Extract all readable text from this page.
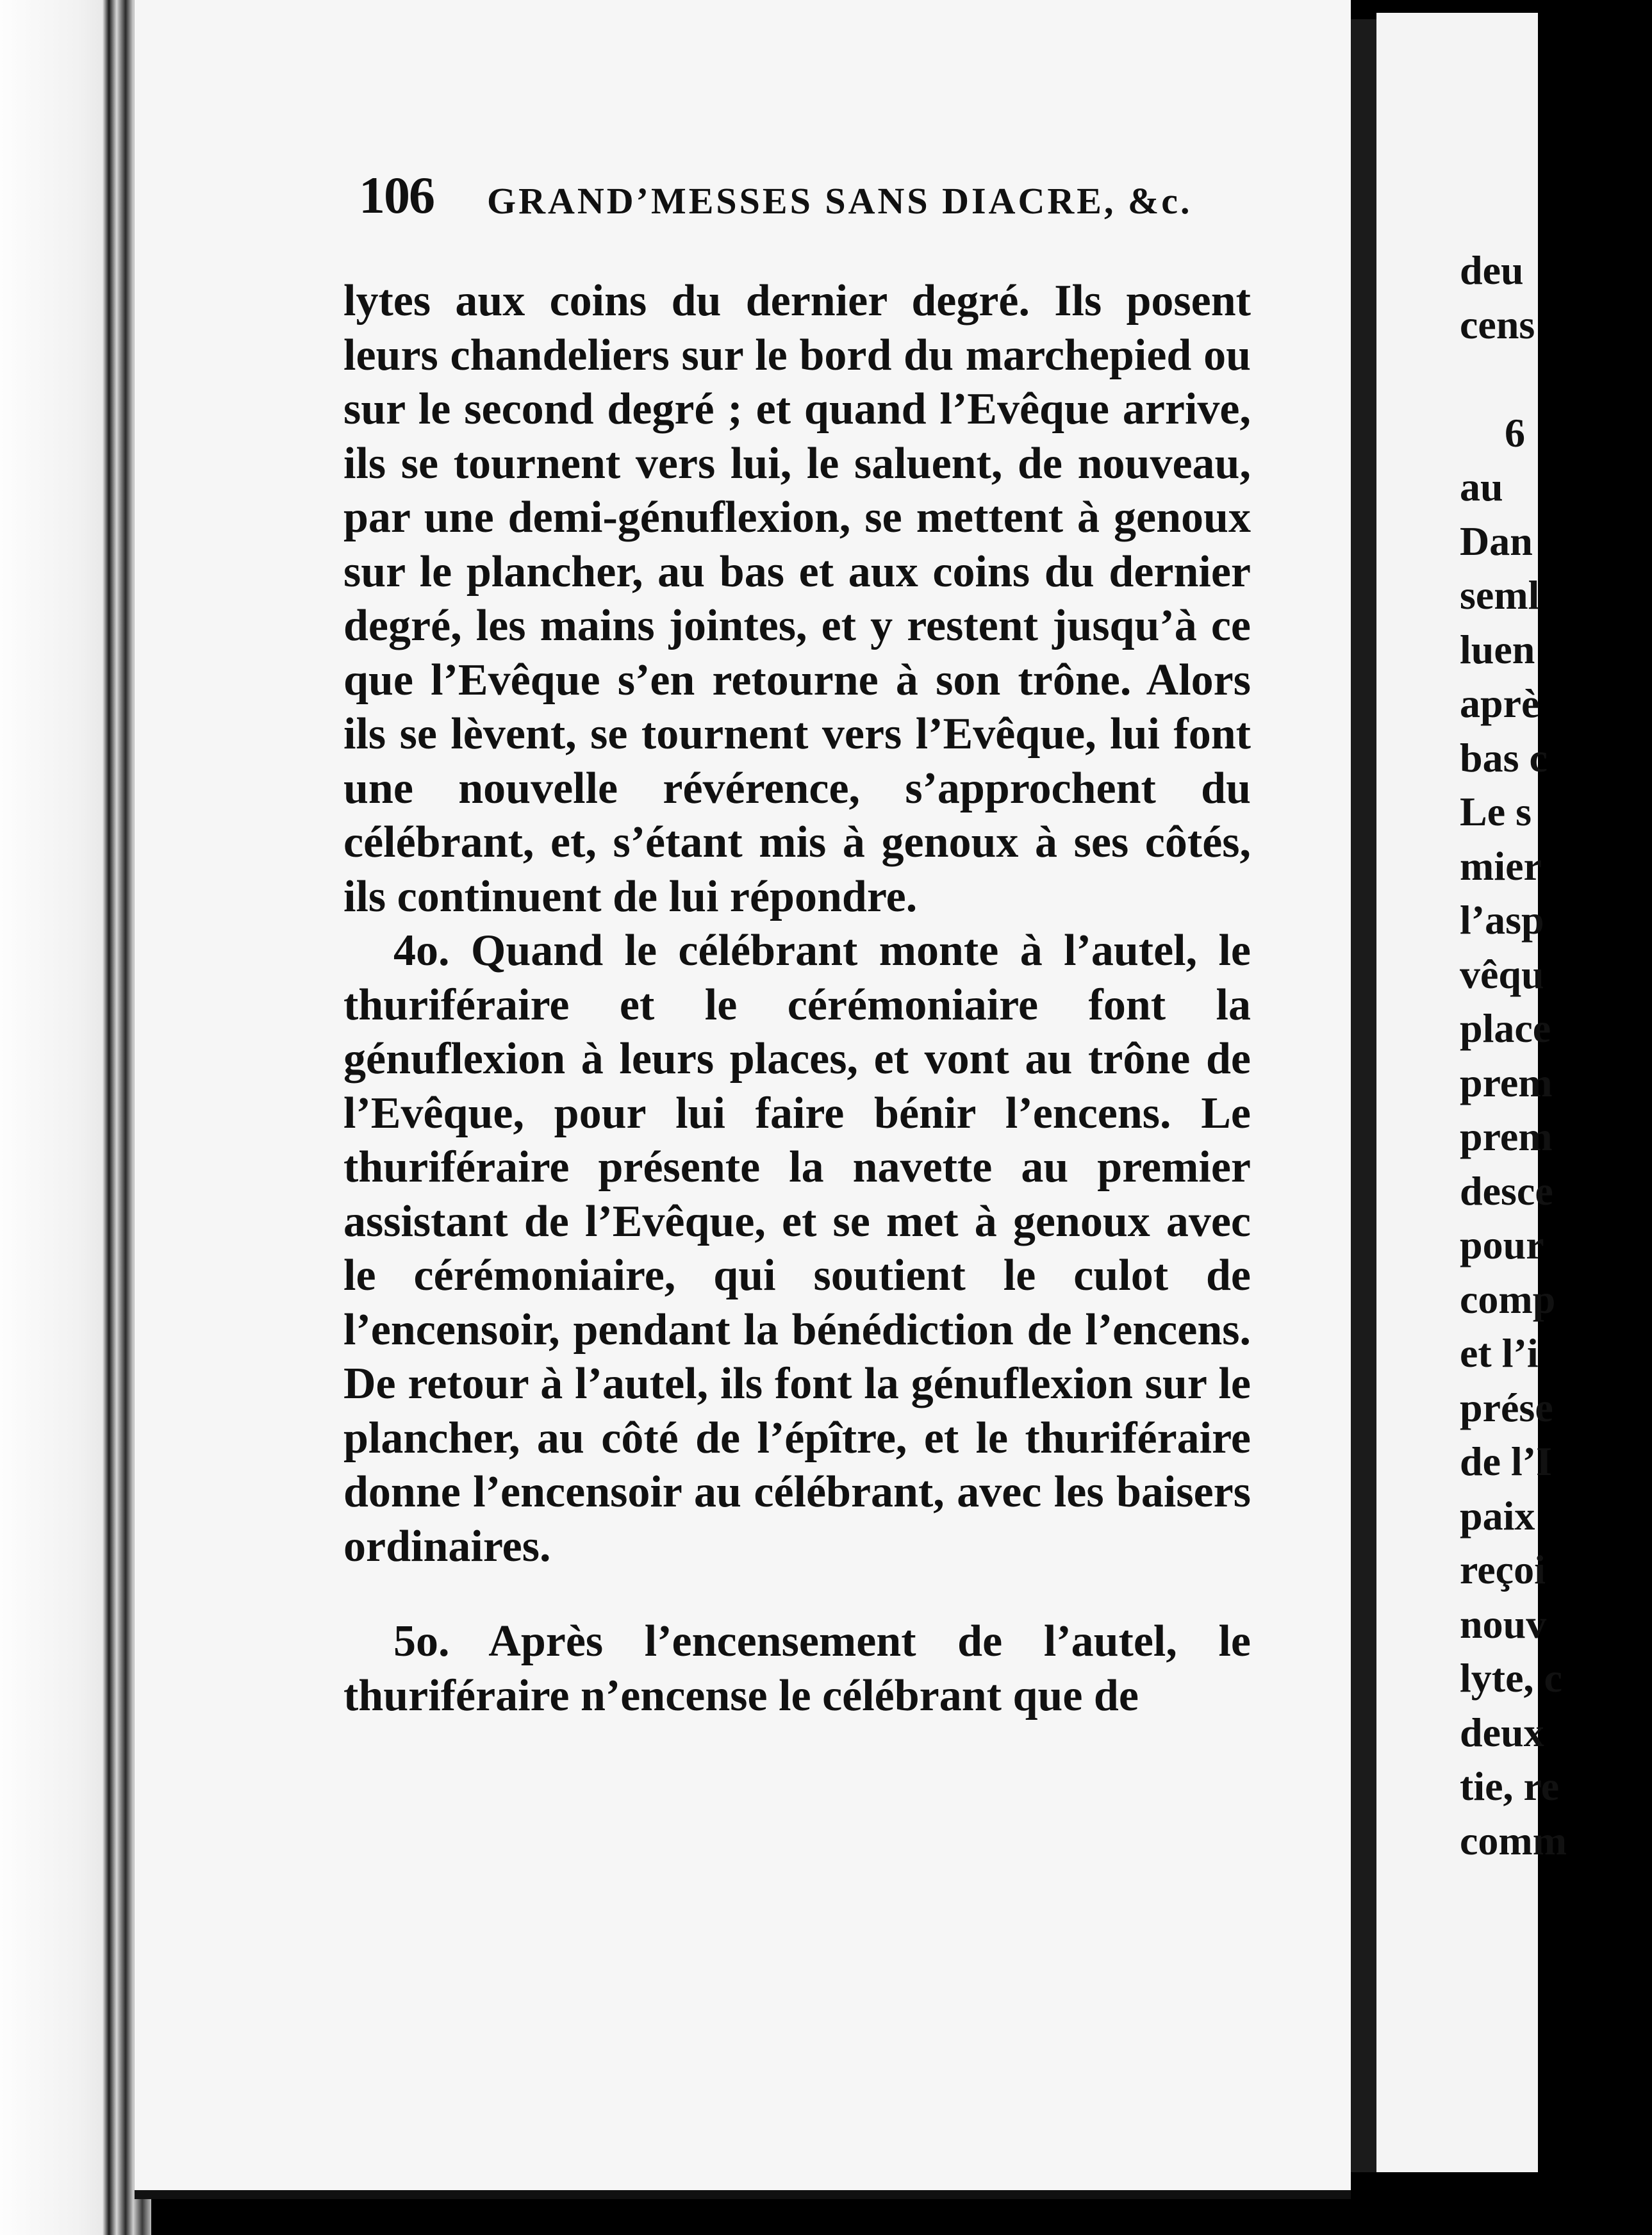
106 GRAND’MESSES SANS DIACRE, &c.

lytes aux coins du dernier degré. Ils posent leurs chandeliers sur le bord du marchepied ou sur le second degré ; et quand l’Evêque arrive, ils se tournent vers lui, le saluent, de nouveau, par une demi-génuflexion, se mettent à genoux sur le plancher, au bas et aux coins du dernier degré, les mains jointes, et y restent jusqu’à ce que l’Evêque s’en retourne à son trône. Alors ils se lèvent, se tournent vers l’Evêque, lui font une nouvelle révérence, s’approchent du célébrant, et, s’étant mis à genoux à ses côtés, ils continuent de lui répondre.

4o. Quand le célébrant monte à l’autel, le thuriféraire et le cérémoniaire font la génuflexion à leurs places, et vont au trône de l’Evêque, pour lui faire bénir l’encens. Le thuriféraire présente la navette au premier assistant de l’Evêque, et se met à genoux avec le cérémoniaire, qui soutient le culot de l’encensoir, pendant la bénédiction de l’encens. De retour à l’autel, ils font la génuflexion sur le plancher, au côté de l’épître, et le thuriféraire donne l’encensoir au célébrant, avec les baisers ordinaires.

5o. Après l’encensement de l’autel, le thuriféraire n’encense le célébrant que de

deu
cens
6
au
Dan
seml
luen
aprè
bas c
Le s
mier
l’asp
vêqu
place
prem
prem
desce
pour
comp
et l’i
prése
de l’I
paix
reçoi
nouv
lyte, c
deux
tie, re
comm
